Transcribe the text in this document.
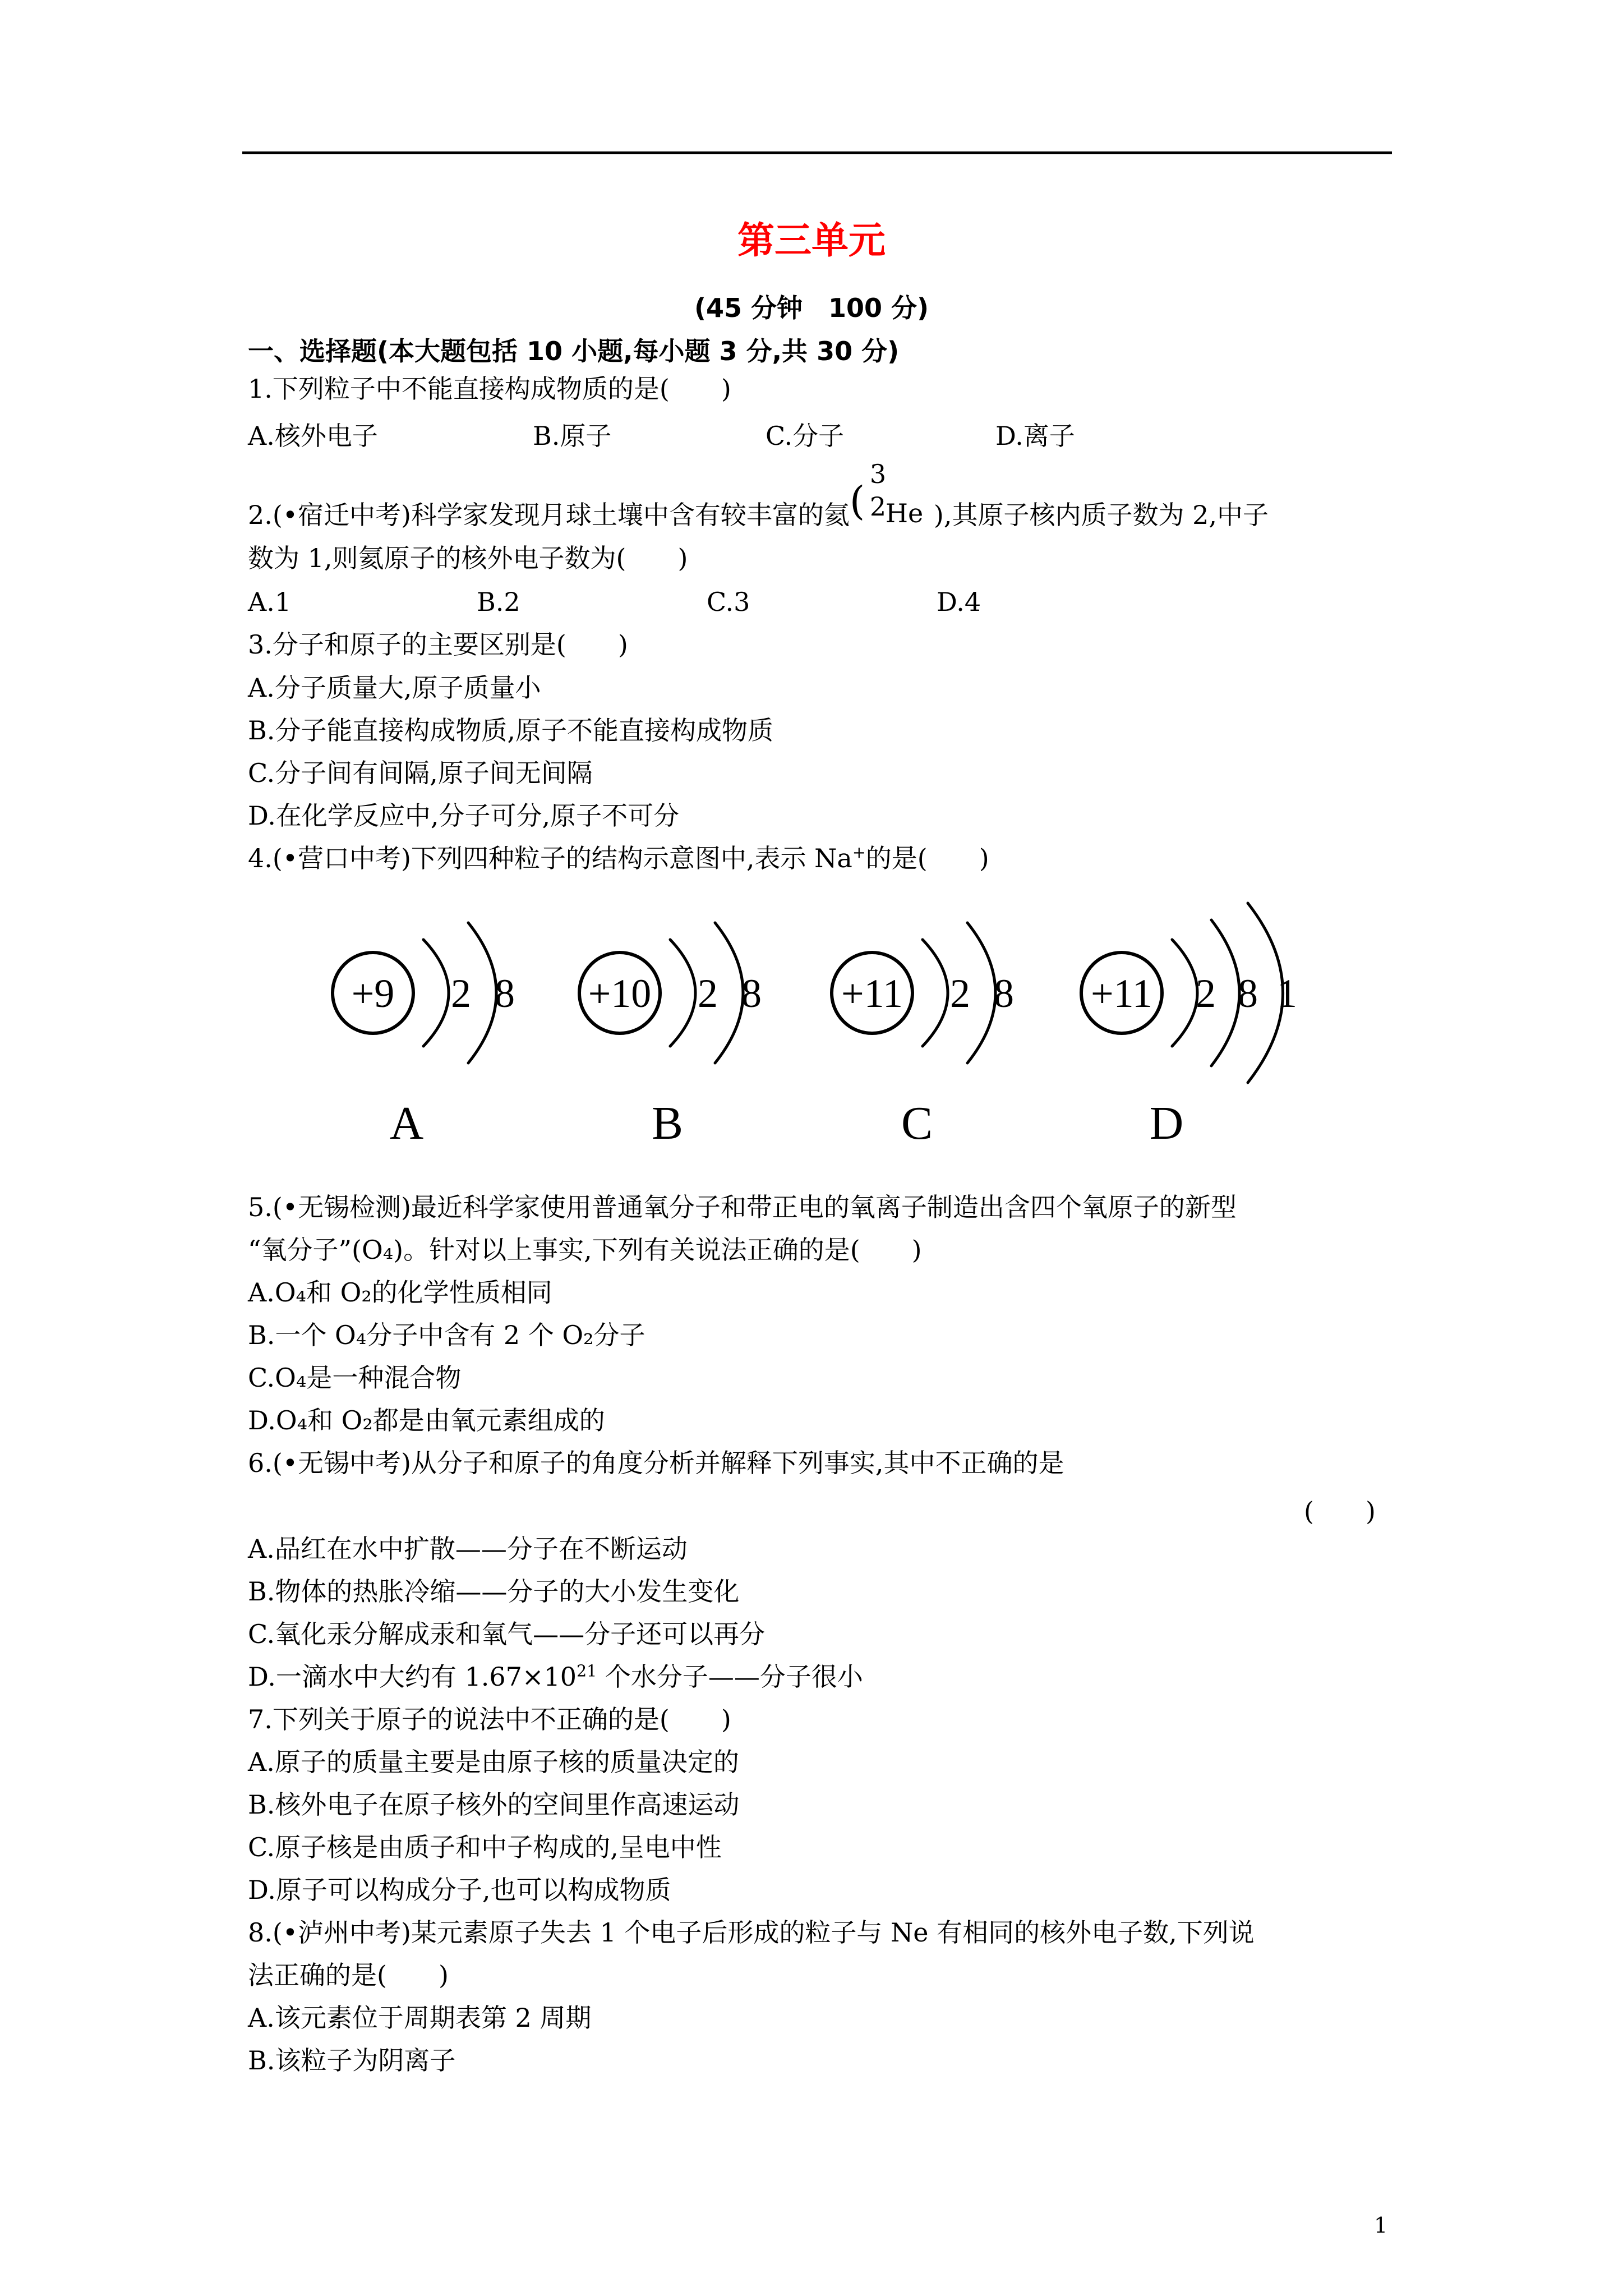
第三单元
(45 分钟　100 分)
一、选择题(本大题包括 10 小题,每小题 3 分,共 30 分)
1.下列粒子中不能直接构成物质的是(　　)
A.核外电子	B.原子	C.分子	D.离子
2.(•宿迁中考)科学家发现月球土壤中含有较丰富的氦 (
3
2
He ),其原子核内质子数为 2,中子
数为 1,则氦原子的核外电子数为(　　)
A.1	B.2	C.3	D.4
3.分子和原子的主要区别是(　　)
A.分子质量大,原子质量小
B.分子能直接构成物质,原子不能直接构成物质
C.分子间有间隔,原子间无间隔
D.在化学反应中,分子可分,原子不可分
4.(•营口中考)下列四种粒子的结构示意图中,表示 Na+的是(　　)
+9 2 8
A
+10 2 8
B
+11 2 8
C
+11 2 8 1
D
5.(•无锡检测)最近科学家使用普通氧分子和带正电的氧离子制造出含四个氧原子的新型
“氧分子”(O₄)。针对以上事实,下列有关说法正确的是(　　)
A.O₄和 O₂的化学性质相同
B.一个 O₄分子中含有 2 个 O₂分子
C.O₄是一种混合物
D.O₄和 O₂都是由氧元素组成的
6.(•无锡中考)从分子和原子的角度分析并解释下列事实,其中不正确的是
(　　)
A.品红在水中扩散——分子在不断运动
B.物体的热胀冷缩——分子的大小发生变化
C.氧化汞分解成汞和氧气——分子还可以再分
D.一滴水中大约有 $1.67\times 10^{21}$ 个水分子——分子很小
7.下列关于原子的说法中不正确的是(　　)
A.原子的质量主要是由原子核的质量决定的
B.核外电子在原子核外的空间里作高速运动
C.原子核是由质子和中子构成的,呈电中性
D.原子可以构成分子,也可以构成物质
8.(•泸州中考)某元素原子失去 1 个电子后形成的粒子与 Ne 有相同的核外电子数,下列说
法正确的是(　　)
A.该元素位于周期表第 2 周期
B.该粒子为阴离子
1
